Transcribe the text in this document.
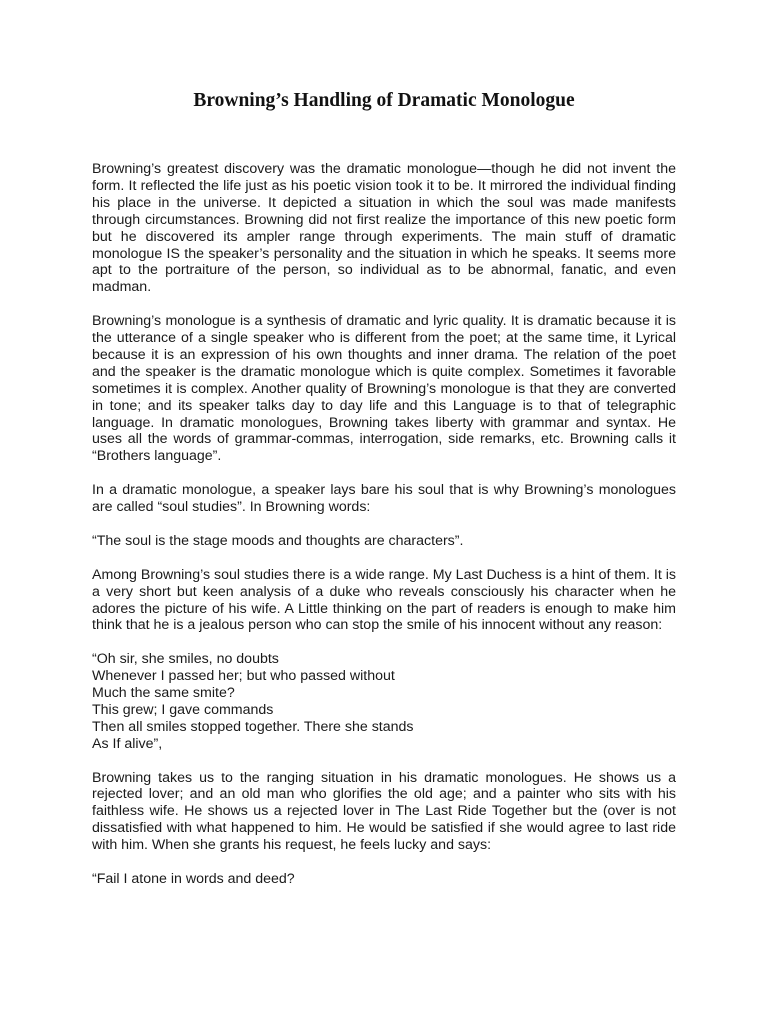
Browning’s Handling of Dramatic Monologue

Browning’s greatest discovery was the dramatic monologue—though he did not invent the form. It reflected the life just as his poetic vision took it to be. It mirrored the individual finding his place in the universe. It depicted a situation in which the soul was made manifests through circumstances. Browning did not first realize the importance of this new poetic form but he discovered its ampler range through experiments. The main stuff of dramatic monologue IS the speaker’s personality and the situation in which he speaks. It seems more apt to the portraiture of the person, so individual as to be abnormal, fanatic, and even madman.

Browning’s monologue is a synthesis of dramatic and lyric quality. It is dramatic because it is the utterance of a single speaker who is different from the poet; at the same time, it Lyrical because it is an expression of his own thoughts and inner drama. The relation of the poet and the speaker is the dramatic monologue which is quite complex. Sometimes it favorable sometimes it is complex. Another quality of Browning’s monologue is that they are converted in tone; and its speaker talks day to day life and this Language is to that of telegraphic language. In dramatic monologues, Browning takes liberty with grammar and syntax. He uses all the words of grammar-commas, interrogation, side remarks, etc. Browning calls it “Brothers language”.

In a dramatic monologue, a speaker lays bare his soul that is why Browning’s monologues are called “soul studies”. In Browning words:

“The soul is the stage moods and thoughts are characters”.

Among Browning’s soul studies there is a wide range. My Last Duchess is a hint of them. It is a very short but keen analysis of a duke who reveals consciously his character when he adores the picture of his wife. A Little thinking on the part of readers is enough to make him think that he is a jealous person who can stop the smile of his innocent without any reason:

“Oh sir, she smiles, no doubts
Whenever I passed her; but who passed without
Much the same smite?
This grew; I gave commands
Then all smiles stopped together. There she stands
As If alive”,

Browning takes us to the ranging situation in his dramatic monologues. He shows us a rejected lover; and an old man who glorifies the old age; and a painter who sits with his faithless wife. He shows us a rejected lover in The Last Ride Together but the (over is not dissatisfied with what happened to him. He would be satisfied if she would agree to last ride with him. When she grants his request, he feels lucky and says:

“Fail I atone in words and deed?
